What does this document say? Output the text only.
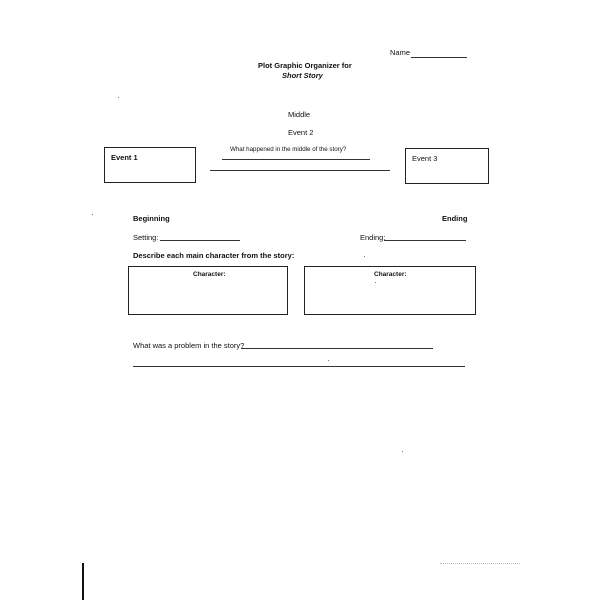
Name
Plot Graphic Organizer for
Short Story
Middle
Event 2
What happened in the middle of the story?
Event 1	Event 3
Beginning	Ending
Setting:	Ending:
Describe each main character from the story:
Character:	Character:
What was a problem in the story?
